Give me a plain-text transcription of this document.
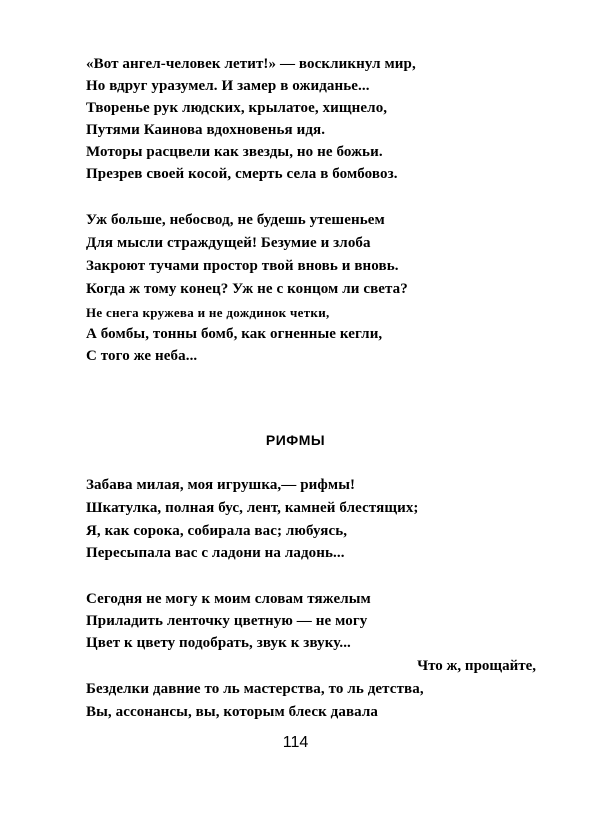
«Вот ангел-человек летит!» — воскликнул мир,
Но вдруг уразумел. И замер в ожиданье...
Творенье рук людских, крылатое, хищнело,
Путями Каинова вдохновенья идя.
Моторы расцвели как звезды, но не божьи.
Презрев своей косой, смерть села в бомбовоз.
Уж больше, небосвод, не будешь утешеньем
Для мысли страждущей! Безумие и злоба
Закроют тучами простор твой вновь и вновь.
Когда ж тому конец? Уж не с концом ли света?
Не снега кружева и не дождинок четки,
А бомбы, тонны бомб, как огненные кегли,
С того же неба...
РИФМЫ
Забава милая, моя игрушка,— рифмы!
Шкатулка, полная бус, лент, камней блестящих;
Я, как сорока, собирала вас; любуясь,
Пересыпала вас с ладони на ладонь...
Сегодня не могу к моим словам тяжелым
Приладить ленточку цветную — не могу
Цвет к цвету подобрать, звук к звуку...
Что ж, прощайте,
Безделки давние то ль мастерства, то ль детства,
Вы, ассонансы, вы, которым блеск давала
114
